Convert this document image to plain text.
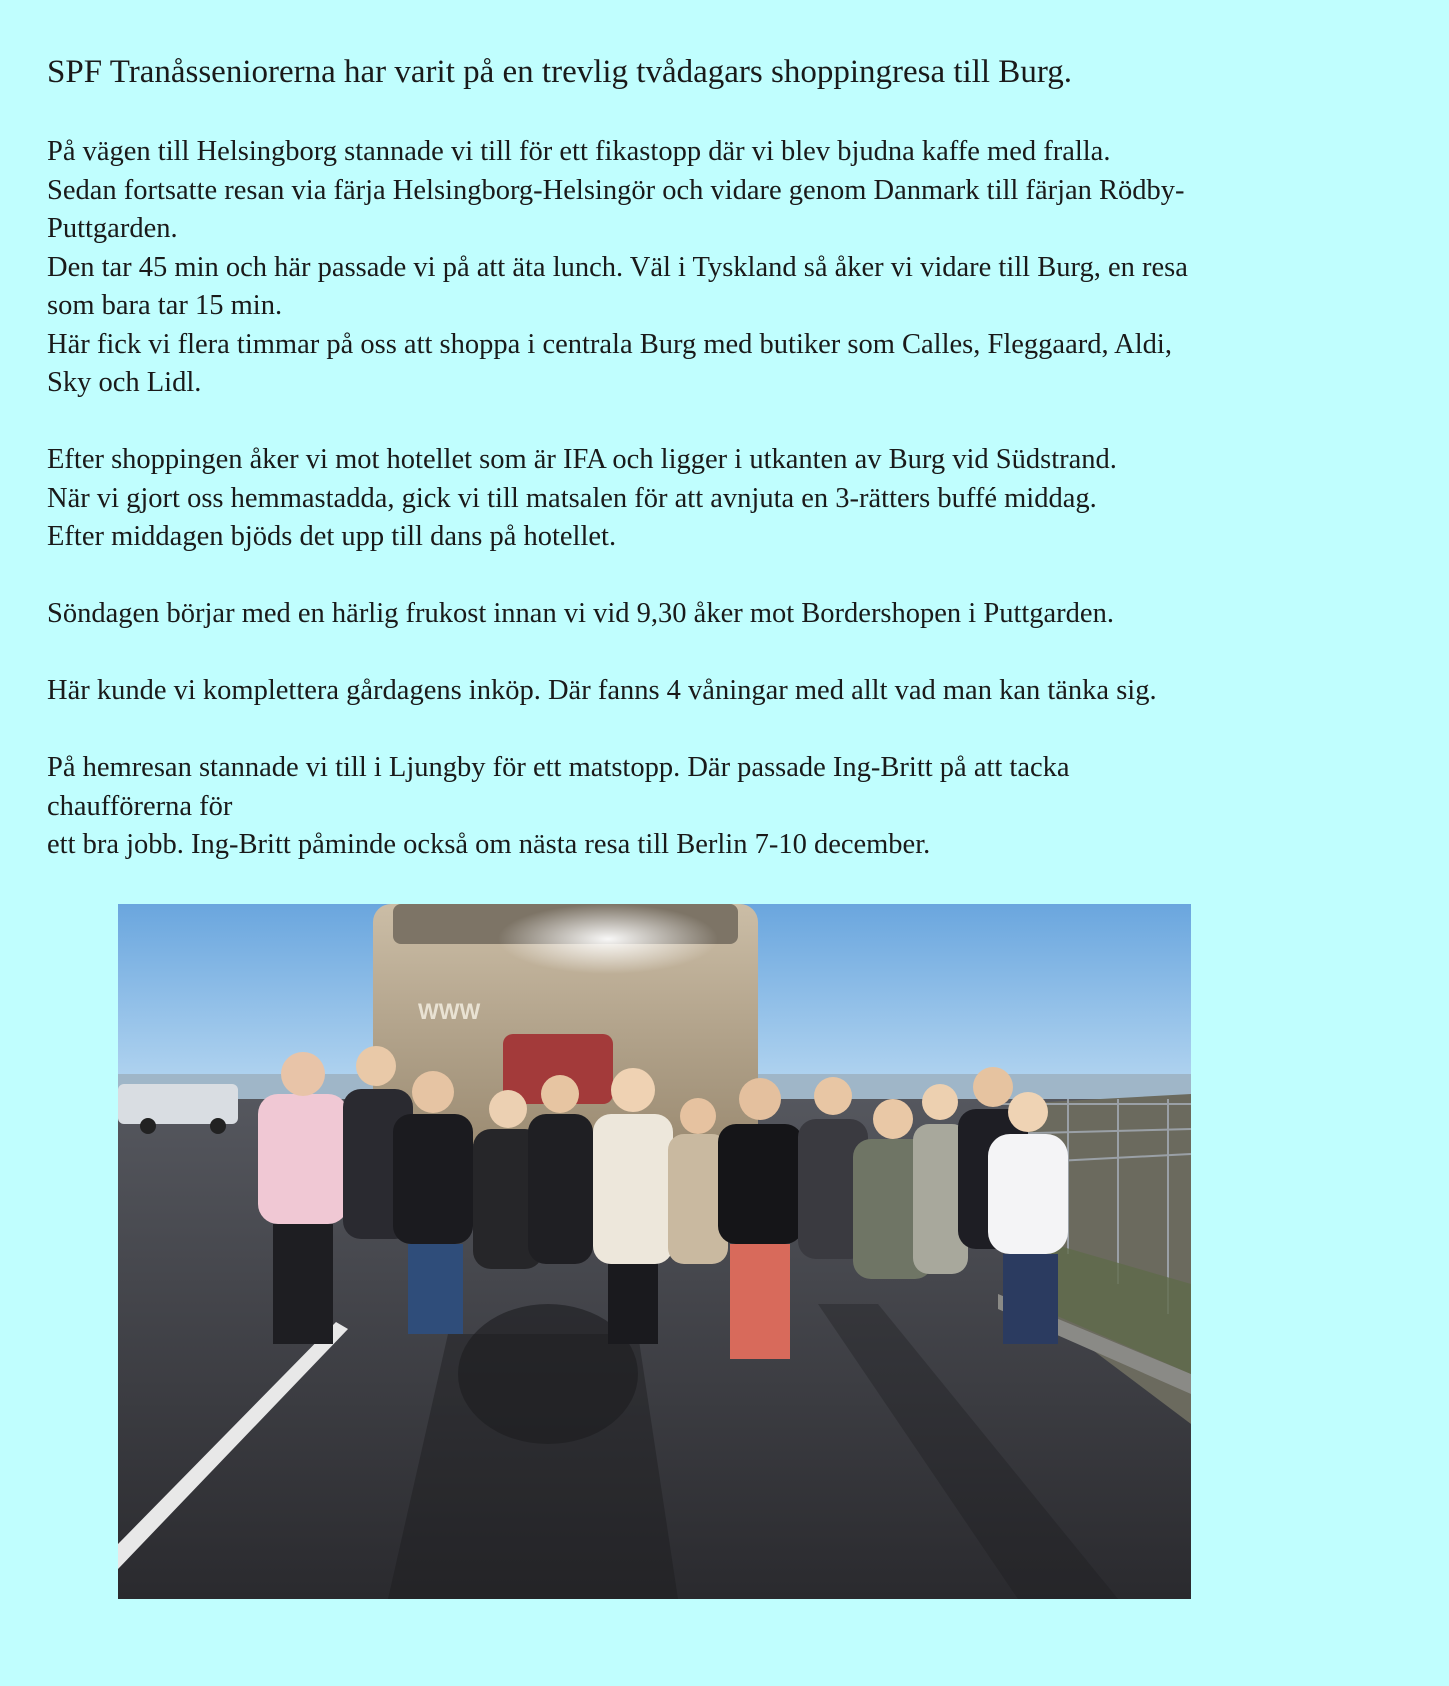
SPF Tranåsseniorerna har varit på en trevlig tvådagars shoppingresa till Burg.
På vägen till Helsingborg stannade vi till för ett fikastopp där vi blev bjudna kaffe med fralla.
Sedan fortsatte resan via färja Helsingborg-Helsingör och vidare genom Danmark till färjan Rödby-
Puttgarden.
Den tar 45 min och här passade vi på att äta lunch. Väl i Tyskland så åker vi vidare till Burg, en resa
som bara tar 15 min.
Här fick vi flera timmar på oss att shoppa i centrala Burg med butiker som Calles, Fleggaard, Aldi,
Sky och Lidl.
Efter shoppingen åker vi mot hotellet som är IFA och ligger i utkanten av Burg vid Südstrand.
När vi gjort oss hemmastadda, gick vi till matsalen för att avnjuta en 3-rätters buffé middag.
Efter middagen bjöds det upp till dans på hotellet.
Söndagen börjar med en härlig frukost innan vi vid 9,30 åker mot Bordershopen i Puttgarden.
Här kunde vi komplettera gårdagens inköp. Där fanns 4 våningar med allt vad man kan tänka sig.
På hemresan stannade vi till i Ljungby för ett matstopp. Där passade Ing-Britt på att tacka
chaufförerna för
ett bra jobb. Ing-Britt påminde också om nästa resa till Berlin 7-10 december.
WWW
